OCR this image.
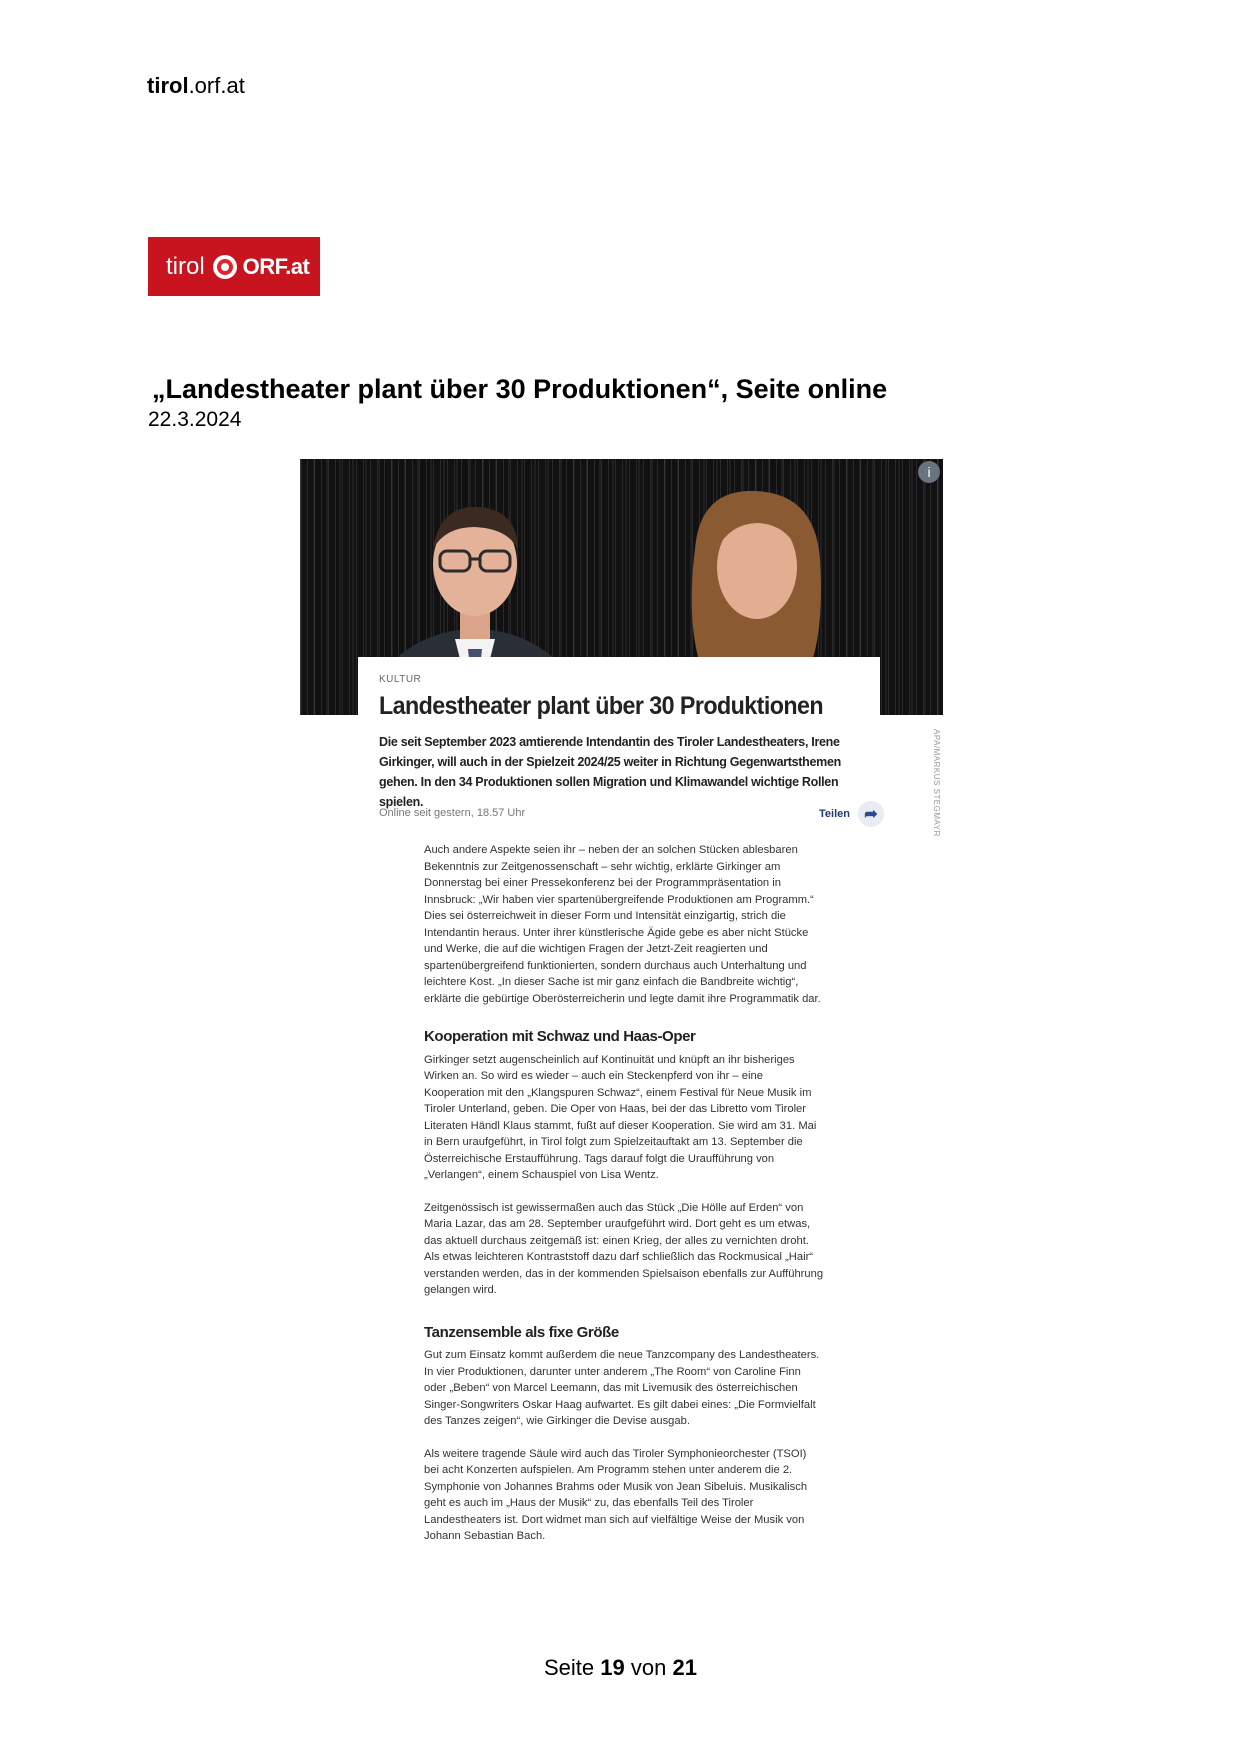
tirol.orf.at
tirol ORF.at
„Landestheater plant über 30 Produktionen“, Seite online
22.3.2024
i
KULTUR
Landestheater plant über 30 Produktionen
Die seit September 2023 amtierende Intendantin des Tiroler Landestheaters, Irene Girkinger, will auch in der Spielzeit 2024/25 weiter in Richtung Gegenwartsthemen gehen. In den 34 Produktionen sollen Migration und Klimawandel wichtige Rollen spielen.
Online seit gestern, 18.57 Uhr	Teilen ➦	APA/MARKUS STEGMAYR

Auch andere Aspekte seien ihr – neben der an solchen Stücken ablesbaren Bekenntnis zur Zeitgenossenschaft – sehr wichtig, erklärte Girkinger am Donnerstag bei einer Pressekonferenz bei der Programmpräsentation in Innsbruck: „Wir haben vier spartenübergreifende Produktionen am Programm.“ Dies sei österreichweit in dieser Form und Intensität einzigartig, strich die Intendantin heraus. Unter ihrer künstlerische Ägide gebe es aber nicht Stücke und Werke, die auf die wichtigen Fragen der Jetzt-Zeit reagierten und spartenübergreifend funktionierten, sondern durchaus auch Unterhaltung und leichtere Kost. „In dieser Sache ist mir ganz einfach die Bandbreite wichtig“, erklärte die gebürtige Oberösterreicherin und legte damit ihre Programmatik dar.

Kooperation mit Schwaz und Haas-Oper

Girkinger setzt augenscheinlich auf Kontinuität und knüpft an ihr bisheriges Wirken an. So wird es wieder – auch ein Steckenpferd von ihr – eine Kooperation mit den „Klangspuren Schwaz“, einem Festival für Neue Musik im Tiroler Unterland, geben. Die Oper von Haas, bei der das Libretto vom Tiroler Literaten Händl Klaus stammt, fußt auf dieser Kooperation. Sie wird am 31. Mai in Bern uraufgeführt, in Tirol folgt zum Spielzeitauftakt am 13. September die Österreichische Erstaufführung. Tags darauf folgt die Uraufführung von „Verlangen“, einem Schauspiel von Lisa Wentz.

Zeitgenössisch ist gewissermaßen auch das Stück „Die Hölle auf Erden“ von Maria Lazar, das am 28. September uraufgeführt wird. Dort geht es um etwas, das aktuell durchaus zeitgemäß ist: einen Krieg, der alles zu vernichten droht. Als etwas leichteren Kontraststoff dazu darf schließlich das Rockmusical „Hair“ verstanden werden, das in der kommenden Spielsaison ebenfalls zur Aufführung gelangen wird.

Tanzensemble als fixe Größe

Gut zum Einsatz kommt außerdem die neue Tanzcompany des Landestheaters. In vier Produktionen, darunter unter anderem „The Room“ von Caroline Finn oder „Beben“ von Marcel Leemann, das mit Livemusik des österreichischen Singer-Songwriters Oskar Haag aufwartet. Es gilt dabei eines: „Die Formvielfalt des Tanzes zeigen“, wie Girkinger die Devise ausgab.

Als weitere tragende Säule wird auch das Tiroler Symphonieorchester (TSOI) bei acht Konzerten aufspielen. Am Programm stehen unter anderem die 2. Symphonie von Johannes Brahms oder Musik von Jean Sibeluis. Musikalisch geht es auch im „Haus der Musik“ zu, das ebenfalls Teil des Tiroler Landestheaters ist. Dort widmet man sich auf vielfältige Weise der Musik von Johann Sebastian Bach.

Seite 19 von 21
